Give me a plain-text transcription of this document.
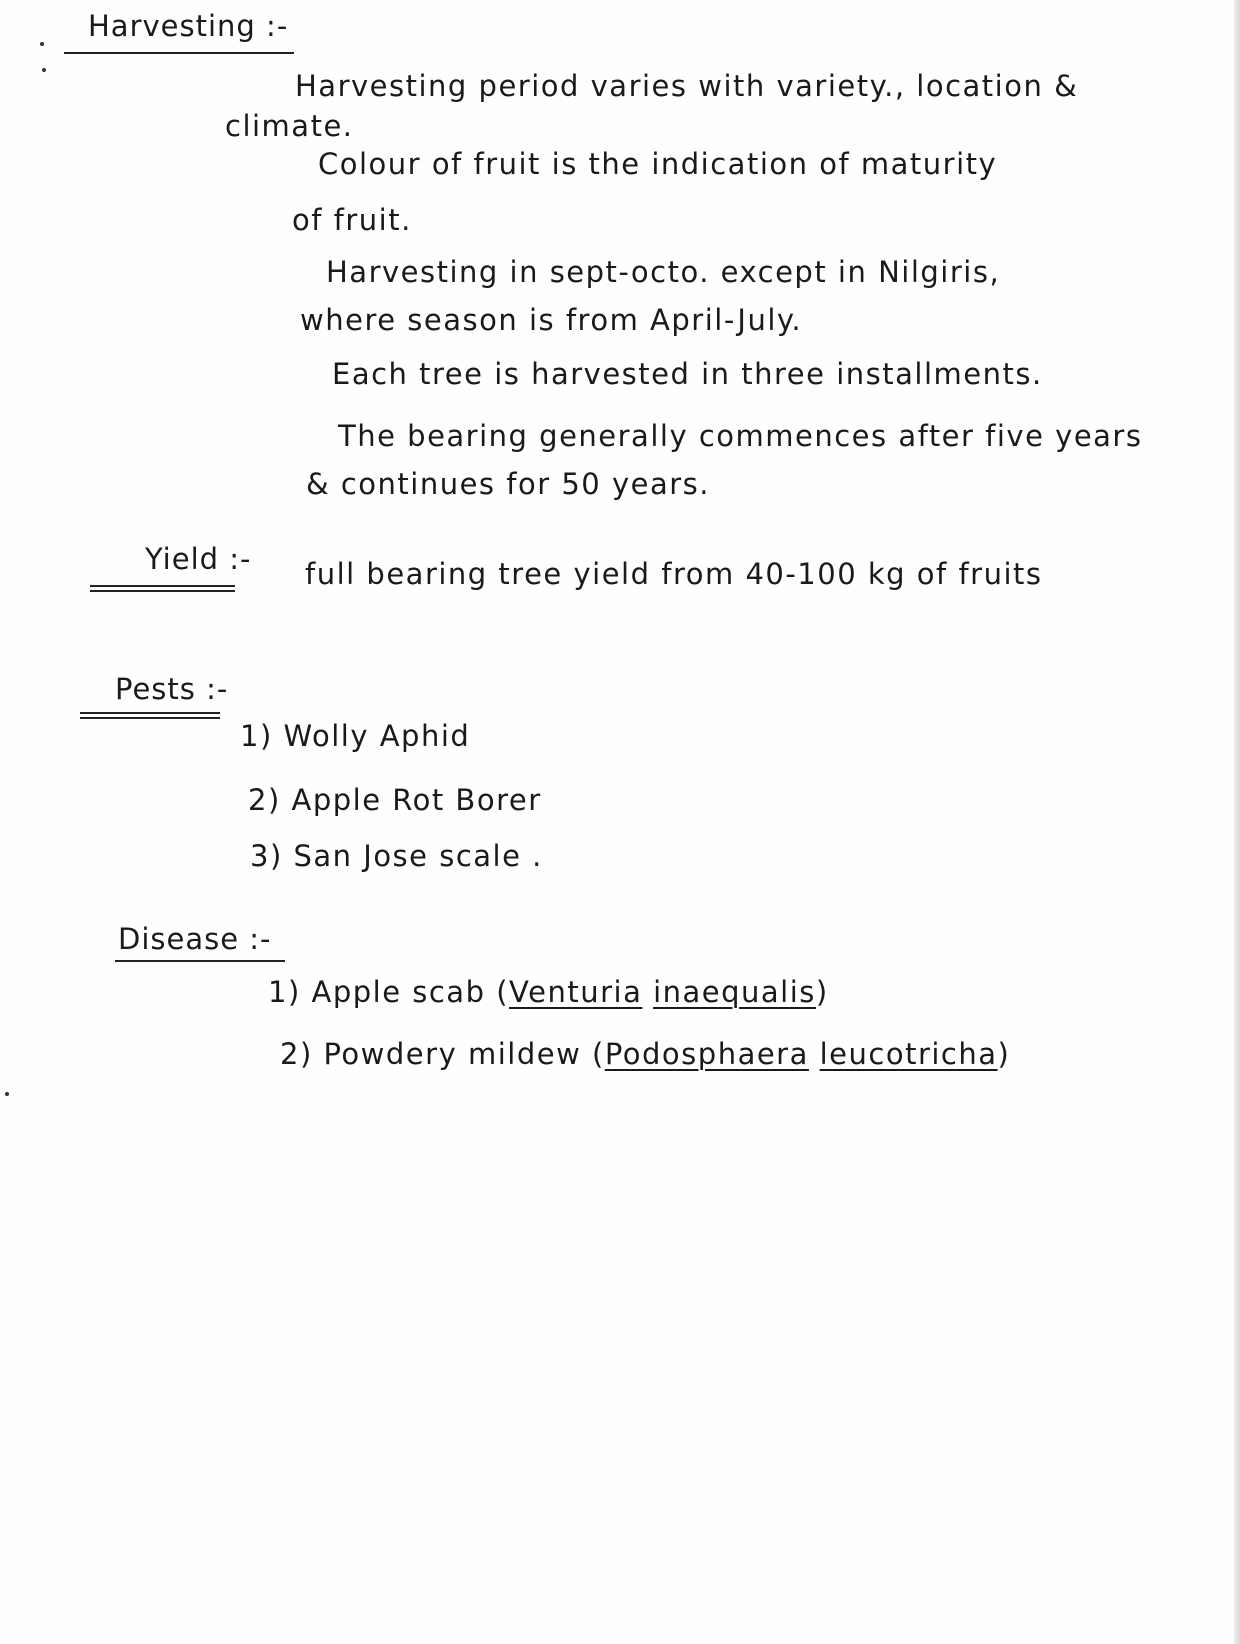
Harvesting :-
Harvesting period varies with variety., location &
climate.
Colour of fruit is the indication of maturity
of fruit.
Harvesting in sept-octo. except in Nilgiris,
where season is from April-July.
Each tree is harvested in three installments.
The bearing generally commences after five years
& continues for 50 years.
Yield :- full bearing tree yield from 40-100 kg of fruits
Pests :-
1) Wolly Aphid
2) Apple Rot Borer
3) San Jose scale .
Disease :-
1) Apple scab (Venturia inaequalis)
2) Powdery mildew (Podosphaera leucotricha)
